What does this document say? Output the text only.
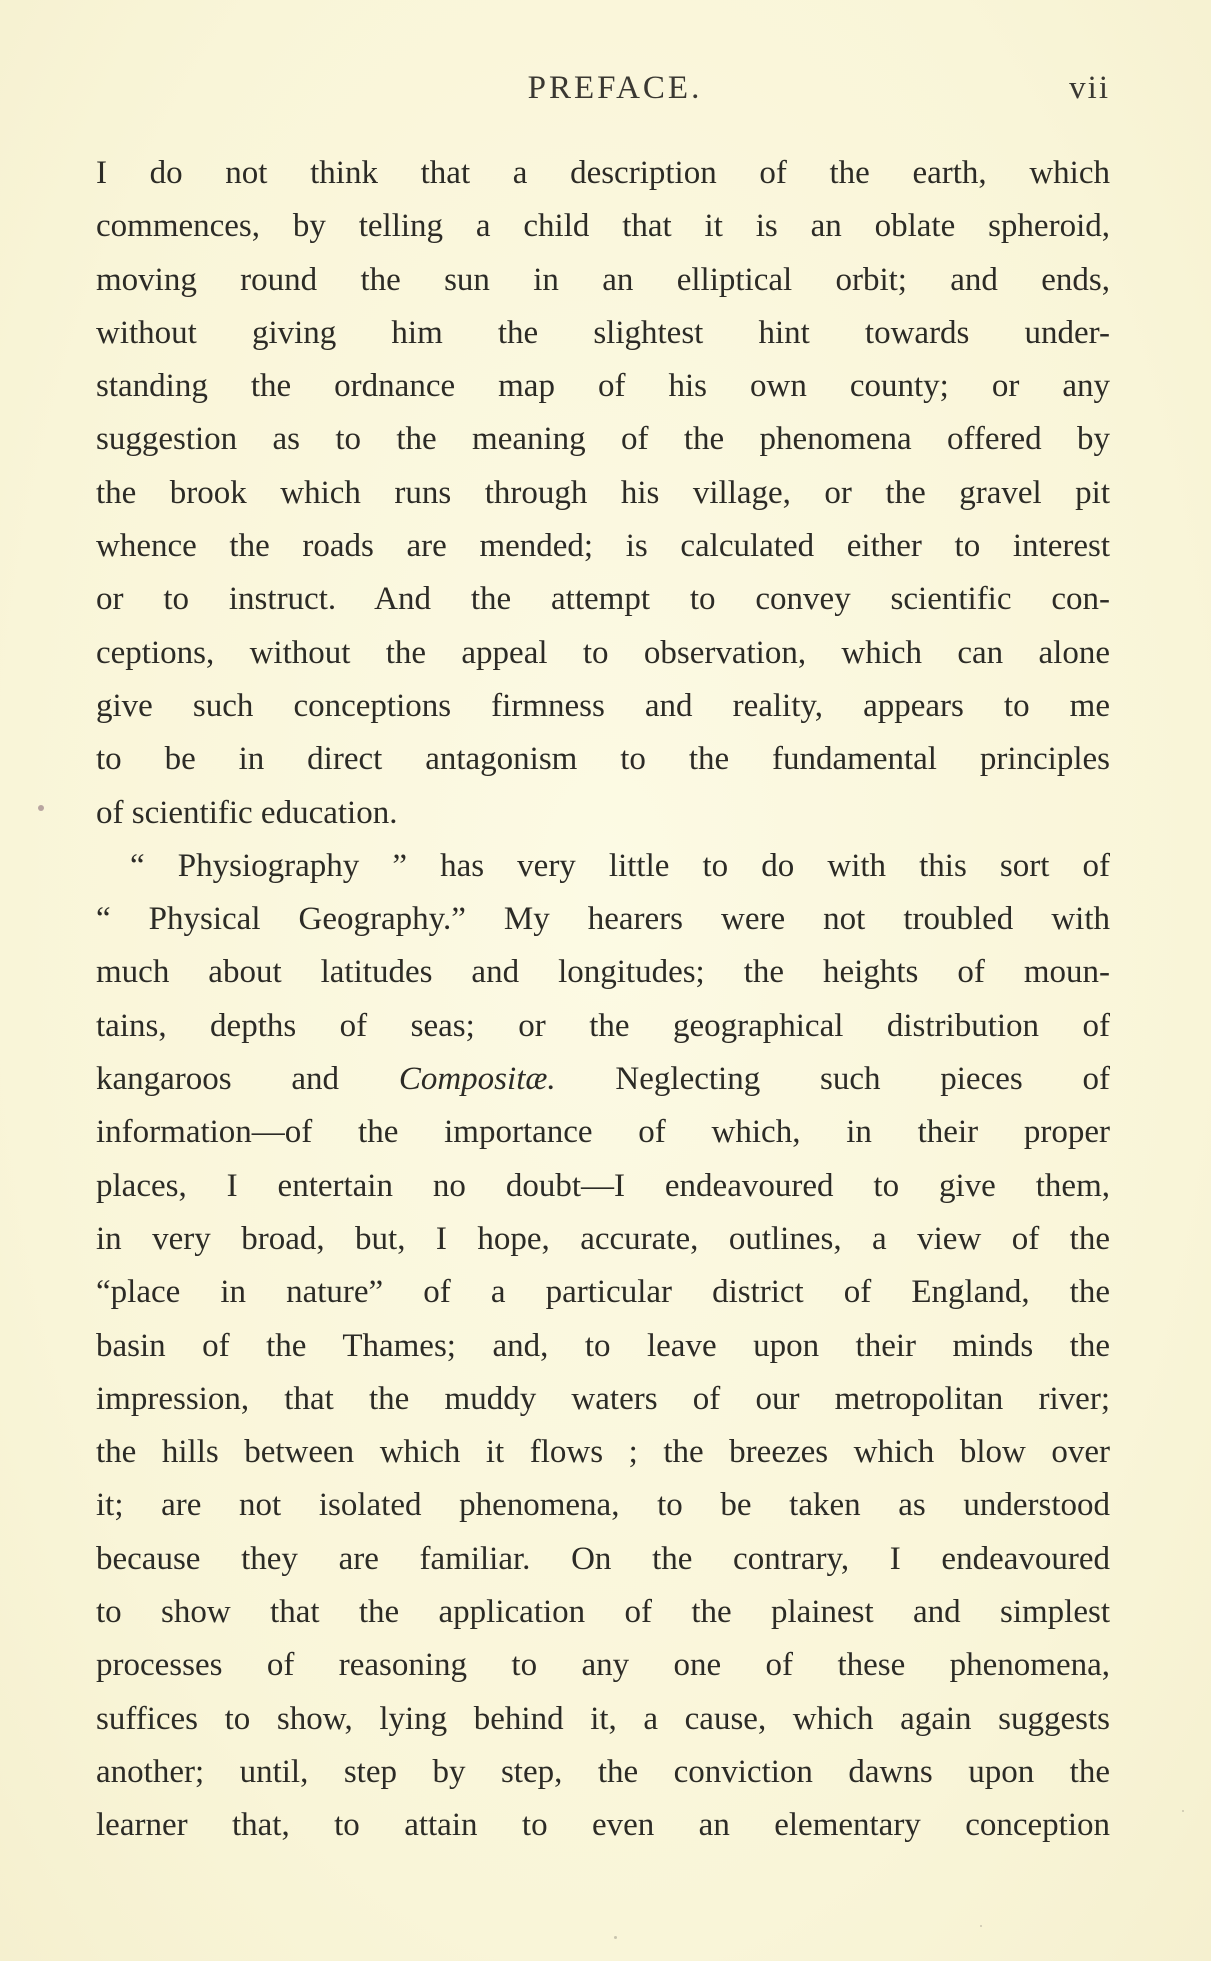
PREFACE.	vii
I do not think that a description of the earth, which
commences, by telling a child that it is an oblate spheroid,
moving round the sun in an elliptical orbit; and ends,
without giving him the slightest hint towards under-
standing the ordnance map of his own county; or any
suggestion as to the meaning of the phenomena offered by
the brook which runs through his village, or the gravel pit
whence the roads are mended; is calculated either to interest
or to instruct. And the attempt to convey scientific con-
ceptions, without the appeal to observation, which can alone
give such conceptions firmness and reality, appears to me
to be in direct antagonism to the fundamental principles
of scientific education.
“ Physiography ” has very little to do with this sort of
“ Physical Geography.” My hearers were not troubled with
much about latitudes and longitudes; the heights of moun-
tains, depths of seas; or the geographical distribution of
kangaroos and Compositæ. Neglecting such pieces of
information—of the importance of which, in their proper
places, I entertain no doubt—I endeavoured to give them,
in very broad, but, I hope, accurate, outlines, a view of the
“place in nature” of a particular district of England, the
basin of the Thames; and, to leave upon their minds the
impression, that the muddy waters of our metropolitan river;
the hills between which it flows ; the breezes which blow over
it; are not isolated phenomena, to be taken as understood
because they are familiar. On the contrary, I endeavoured
to show that the application of the plainest and simplest
processes of reasoning to any one of these phenomena,
suffices to show, lying behind it, a cause, which again suggests
another; until, step by step, the conviction dawns upon the
learner that, to attain to even an elementary conception
